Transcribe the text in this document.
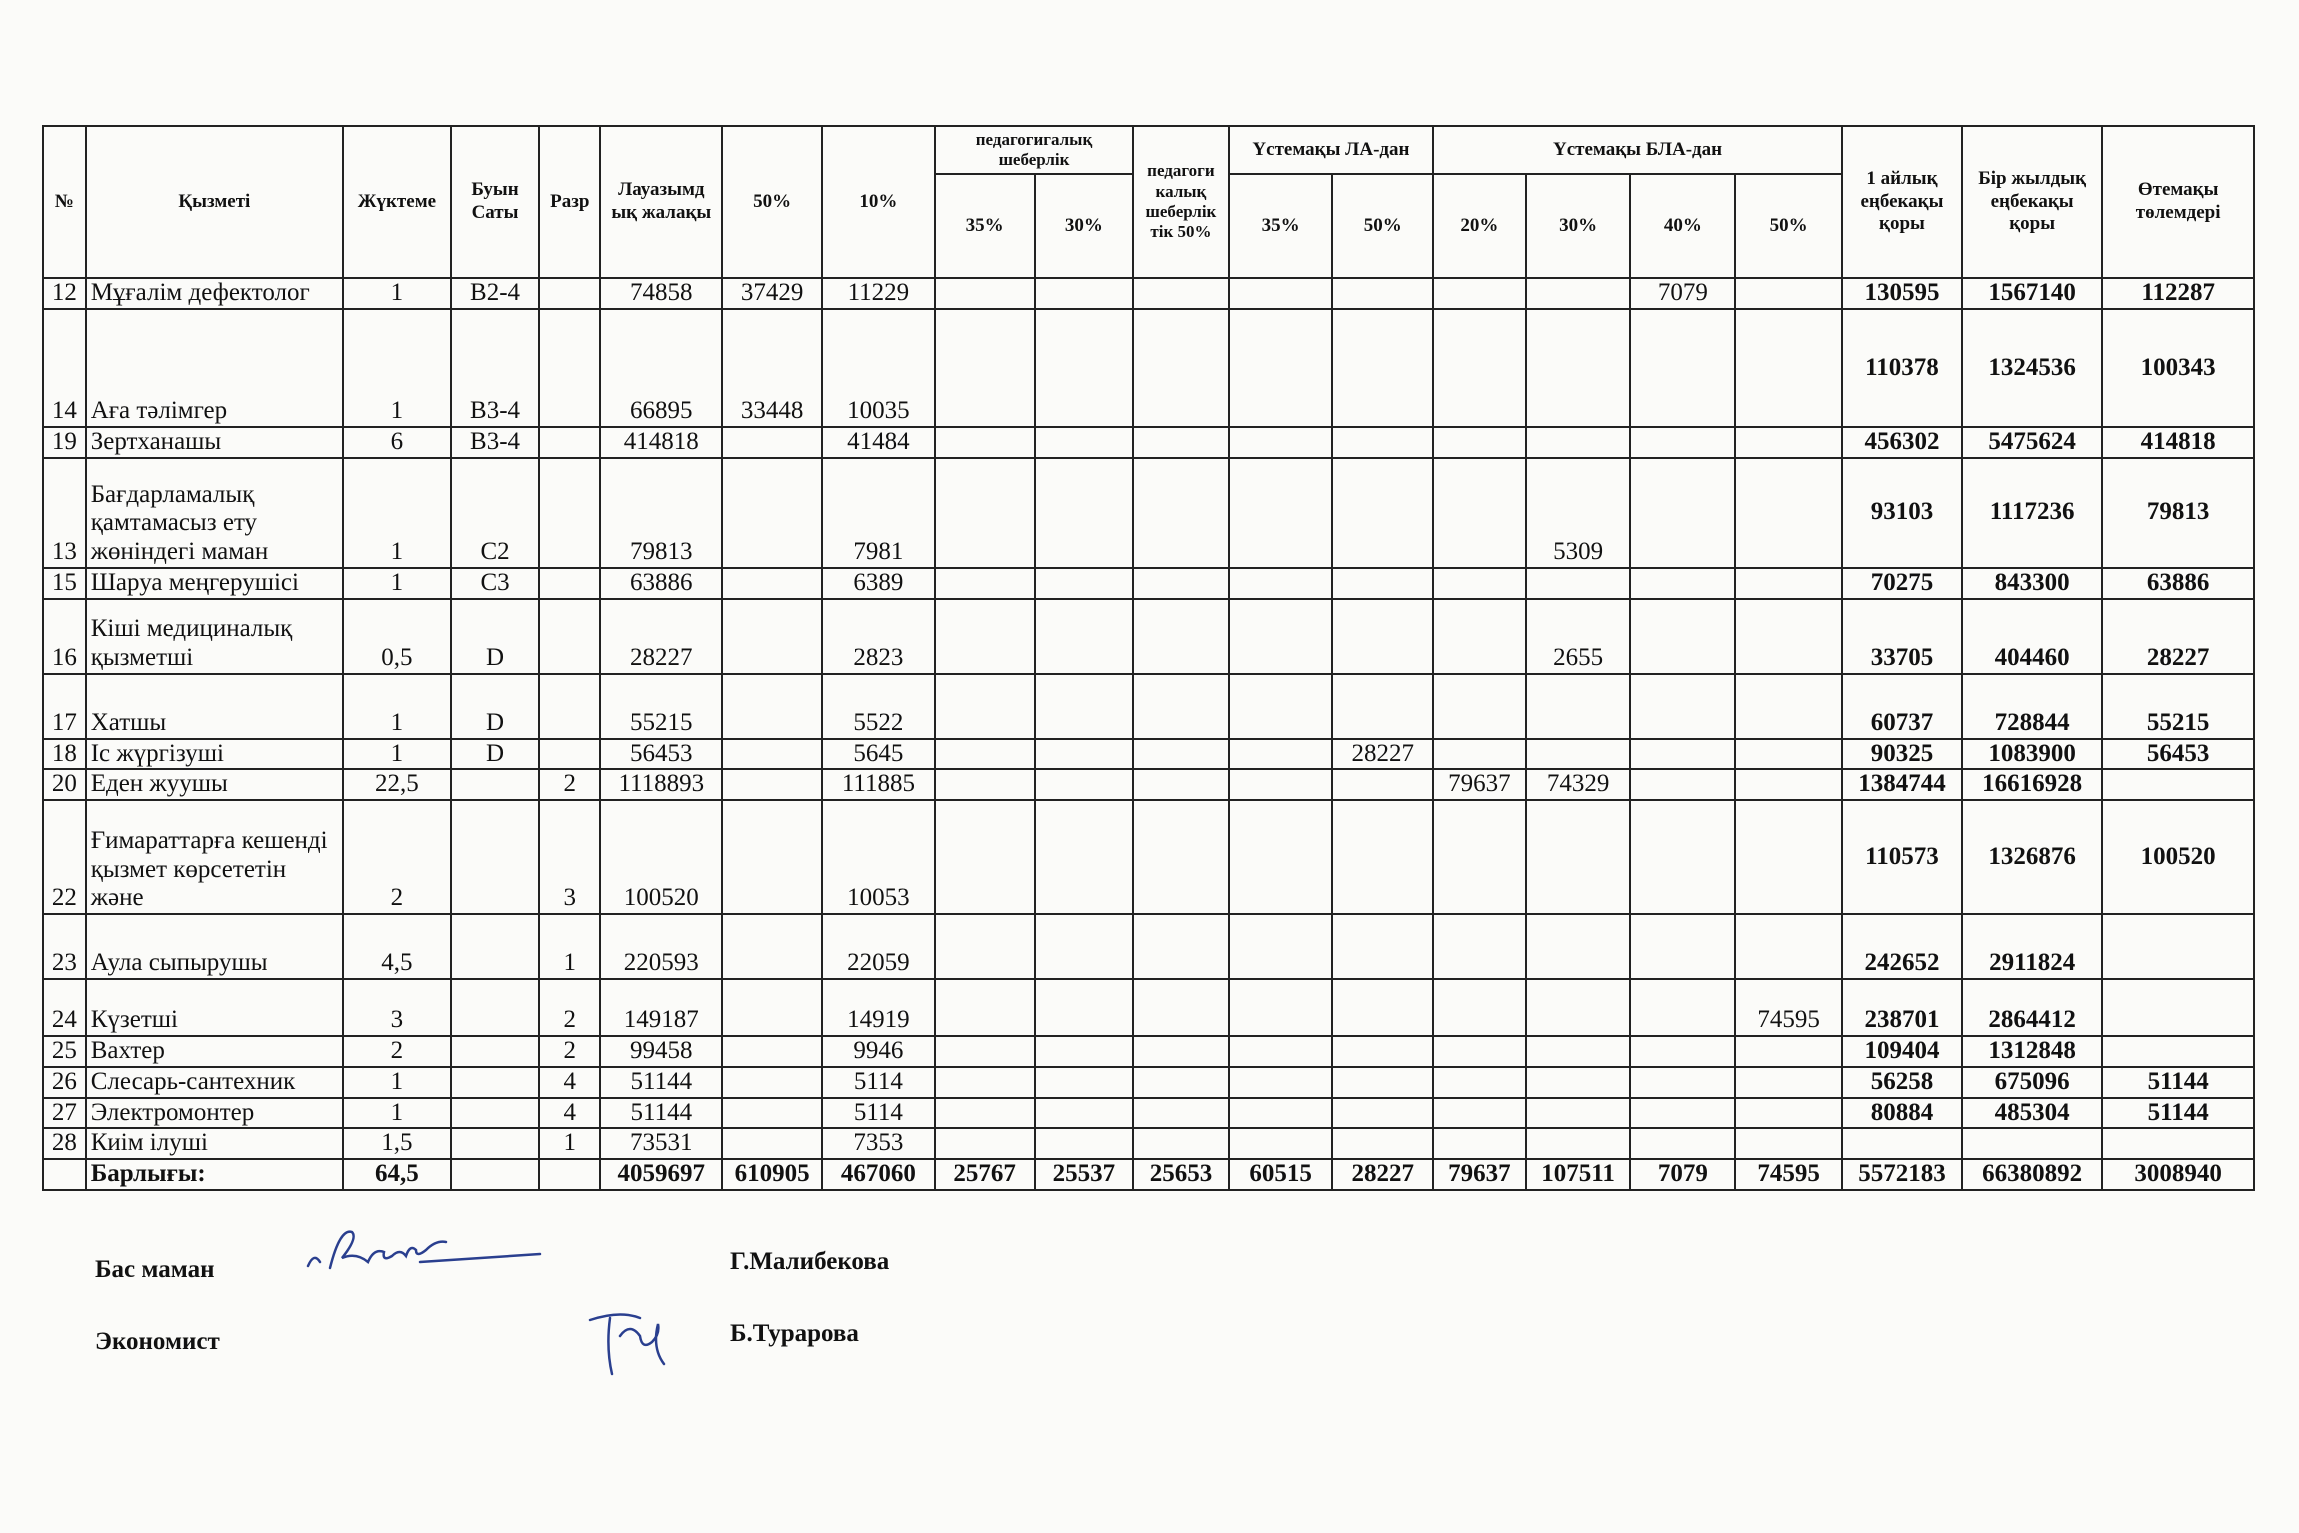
№	Қызметі	Жүктеме	Буын Саты	Разр	Лауазымд ық жалақы	50%	10%	педагогигалық шеберлік		педагоги калық шеберлік тік 50%	Үстемақы ЛА-дан		Үстемақы БЛА-дан				1 айлық еңбекақы қоры	Бір жылдық еңбекақы қоры	Өтемақы төлемдері
								35%	30%		35%	50%	20%	30%	40%	50%			
12	Мұғалім дефектолог	1	В2-4		74858	37429	11229								7079		130595	1567140	112287
14	Аға тәлімгер	1	В3-4		66895	33448	10035										110378	1324536	100343
19	Зертханашы	6	В3-4		414818		41484										456302	5475624	414818
13	Бағдарламалық қамтамасыз ету жөніндегі маман	1	С2		79813		7981							5309			93103	1117236	79813
15	Шаруа меңгерушісі	1	С3		63886		6389										70275	843300	63886
16	Кіші медициналық қызметші	0,5	D		28227		2823							2655			33705	404460	28227
17	Хатшы	1	D		55215		5522										60737	728844	55215
18	Іс жүргізуші	1	D		56453		5645					28227					90325	1083900	56453
20	Еден жуушы	22,5		2	1118893		111885						79637	74329			1384744	16616928	
22	Ғимараттарға кешенді қызмет көрсететін және	2		3	100520		10053										110573	1326876	100520
23	Аула сыпырушы	4,5		1	220593		22059										242652	2911824	
24	Күзетші	3		2	149187		14919									74595	238701	2864412	
25	Вахтер	2		2	99458		9946										109404	1312848	
26	Слесарь-сантехник	1		4	51144		5114										56258	675096	51144
27	Электромонтер	1		4	51144		5114										80884	485304	51144
28	Киім ілуші	1,5		1	73531		7353												
	Барлығы:	64,5			4059697	610905	467060	25767	25537	25653	60515	28227	79637	107511	7079	74595	5572183	66380892	3008940
Бас маман	Г.Малибекова
Экономист	Б.Турарова
